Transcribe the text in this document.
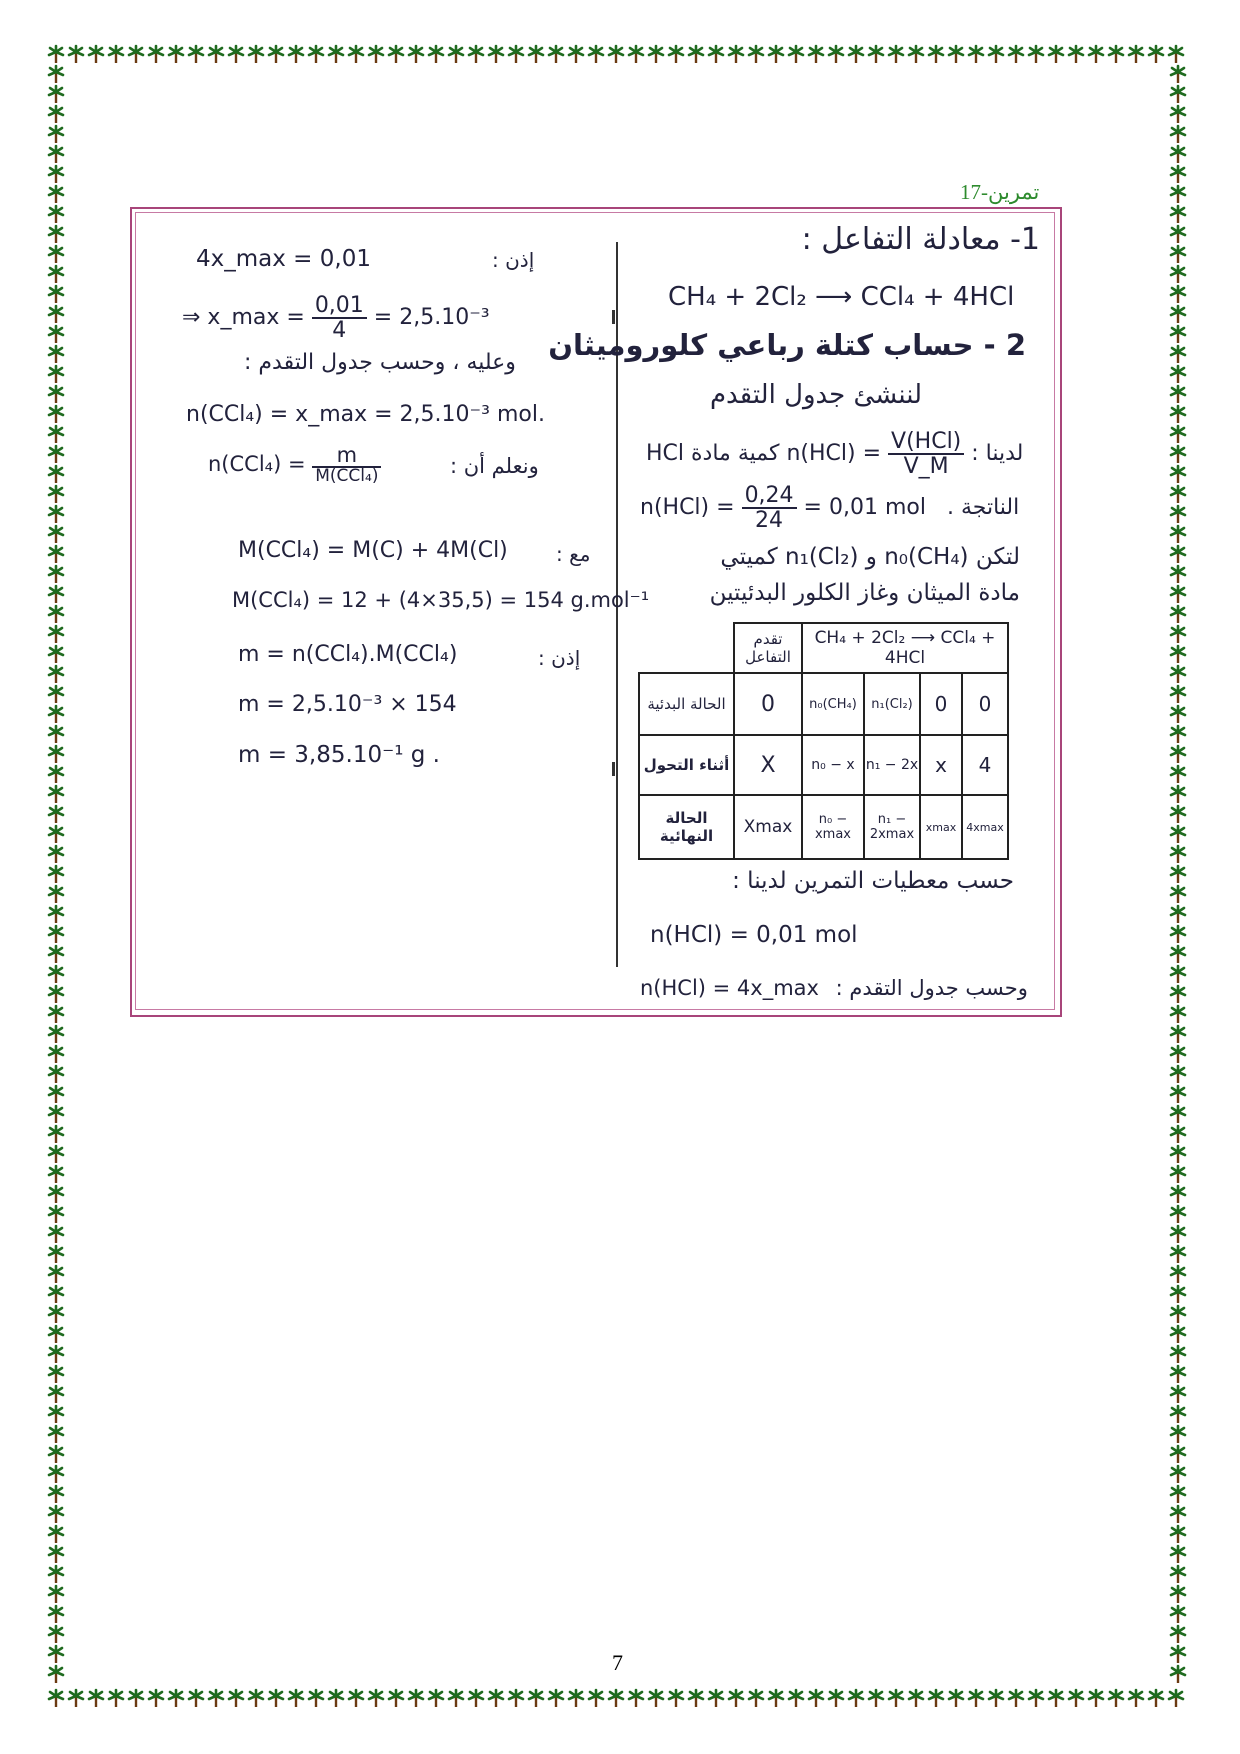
تمرين-17
1- معادلة التفاعل :
CH₄ + 2Cl₂ ⟶ CCl₄ + 4HCl
2 - حساب كتلة رباعي كلوروميثان
لننشئ جدول التقدم
كمية مادة HCl $n(HCl) = \frac{\text{V(HCl)}}{V\_M}$ لدينا :
$n(HCl) = \frac{0,24}{24} = 0,01$ mol الناتجة .
لتكن n₀(CH₄) و n₁(Cl₂) كميتي
مادة الميثان وغاز الكلور البدئيتين
	تقدم التفاعل	CH₄ + 2Cl₂ ⟶ CCl₄ + 4HCl			
الحالة البدئية	0	n₀(CH₄)	n₁(Cl₂)	0	0
أثناء التحول	X	n₀ − x	n₁ − 2x	x	4
الحالة النهائية	Xmax	n₀ − xmax	n₁ − 2xmax	xmax	4xmax
حسب معطيات التمرين لدينا :
n(HCl) = 0,01 mol
n(HCl) = 4x_max وحسب جدول التقدم :
4x_max = 0,01	إذن :
⇒ x_max = $\frac{0,01}{4} = 2,5.10^{-3}$
وعليه ، وحسب جدول التقدم :
n(CCl₄) = x_max = 2,5.10⁻³ mol.
$n(CCl_4) = \frac{m}{\text{M(CCl₄)}}$	ونعلم أن :
M(CCl₄) = M(C) + 4M(Cl) مع :
M(CCl₄) = 12 + (4×35,5) = 154 g.mol⁻¹
m = n(CCl₄).M(CCl₄)	إذن :
m = 2,5.10⁻³ × 154
m = 3,85.10⁻¹ g .
7
